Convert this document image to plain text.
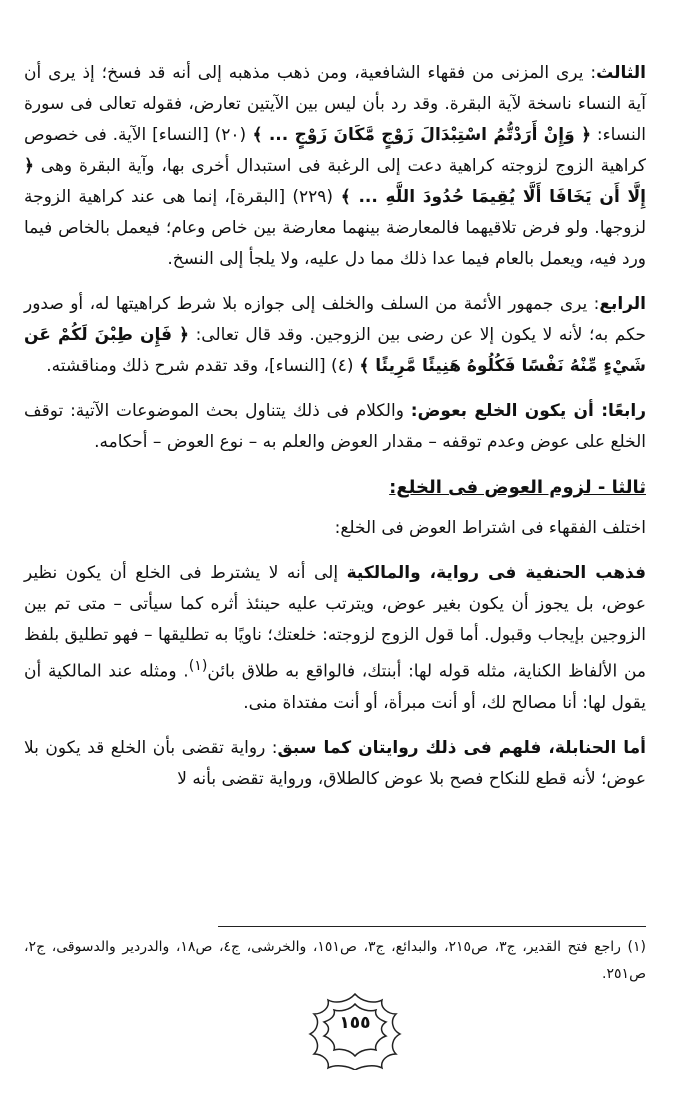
الثالث: يرى المزنى من فقهاء الشافعية، ومن ذهب مذهبه إلى أنه قد فسخ؛ إذ يرى أن آية النساء ناسخة لآية البقرة. وقد رد بأن ليس بين الآيتين تعارض، فقوله تعالى فى سورة النساء: ﴿ وَإِنْ أَرَدْتُّمُ اسْتِبْدَالَ زَوْجٍ مَّكَانَ زَوْجٍ ... ﴾ (٢٠) [النساء] الآية. فى خصوص كراهية الزوج لزوجته كراهية دعت إلى الرغبة فى استبدال أخرى بها، وآية البقرة وهى ﴿ إِلَّا أَن يَخَافَا أَلَّا يُقِيمَا حُدُودَ اللَّهِ ... ﴾ (٢٢٩) [البقرة]، إنما هى عند كراهية الزوجة لزوجها. ولو فرض تلاقيهما فالمعارضة بينهما معارضة بين خاص وعام؛ فيعمل بالخاص فيما ورد فيه، ويعمل بالعام فيما عدا ذلك مما دل عليه، ولا يلجأ إلى النسخ.

الرابع: يرى جمهور الأئمة من السلف والخلف إلى جوازه بلا شرط كراهيتها له، أو صدور حكم به؛ لأنه لا يكون إلا عن رضى بين الزوجين. وقد قال تعالى: ﴿ فَإِن طِبْنَ لَكُمْ عَن شَيْءٍ مِّنْهُ نَفْسًا فَكُلُوهُ هَنِيئًا مَّرِيئًا ﴾ (٤) [النساء]، وقد تقدم شرح ذلك ومناقشته.

رابعًا: أن يكون الخلع بعوض: والكلام فى ذلك يتناول بحث الموضوعات الآتية: توقف الخلع على عوض وعدم توقفه – مقدار العوض والعلم به – نوع العوض – أحكامه.

ثالثا - لزوم العوض فى الخلع:

اختلف الفقهاء فى اشتراط العوض فى الخلع:

فذهب الحنفية فى رواية، والمالكية إلى أنه لا يشترط فى الخلع أن يكون نظير عوض، بل يجوز أن يكون بغير عوض، ويترتب عليه حينئذ أثره كما سيأتى – متى تم بين الزوجين بإيجاب وقبول. أما قول الزوج لزوجته: خلعتك؛ ناويًا به تطليقها – فهو تطليق بلفظ من الألفاظ الكناية، مثله قوله لها: أبنتك، فالواقع به طلاق بائن$^{(١)}$. ومثله عند المالكية أن يقول لها: أنا مصالح لك، أو أنت مبرأة، أو أنت مفتداة منى.

أما الحنابلة، فلهم فى ذلك روايتان كما سبق: رواية تقضى بأن الخلع قد يكون بلا عوض؛ لأنه قطع للنكاح فصح بلا عوض كالطلاق، ورواية تقضى بأنه لا

(١) راجع فتح القدير، ج٣، ص٢١٥، والبدائع، ج٣، ص١٥١، والخرشى، ج٤، ص١٨، والدردير والدسوقى، ج٢، ص٢٥١.
١٥٥
